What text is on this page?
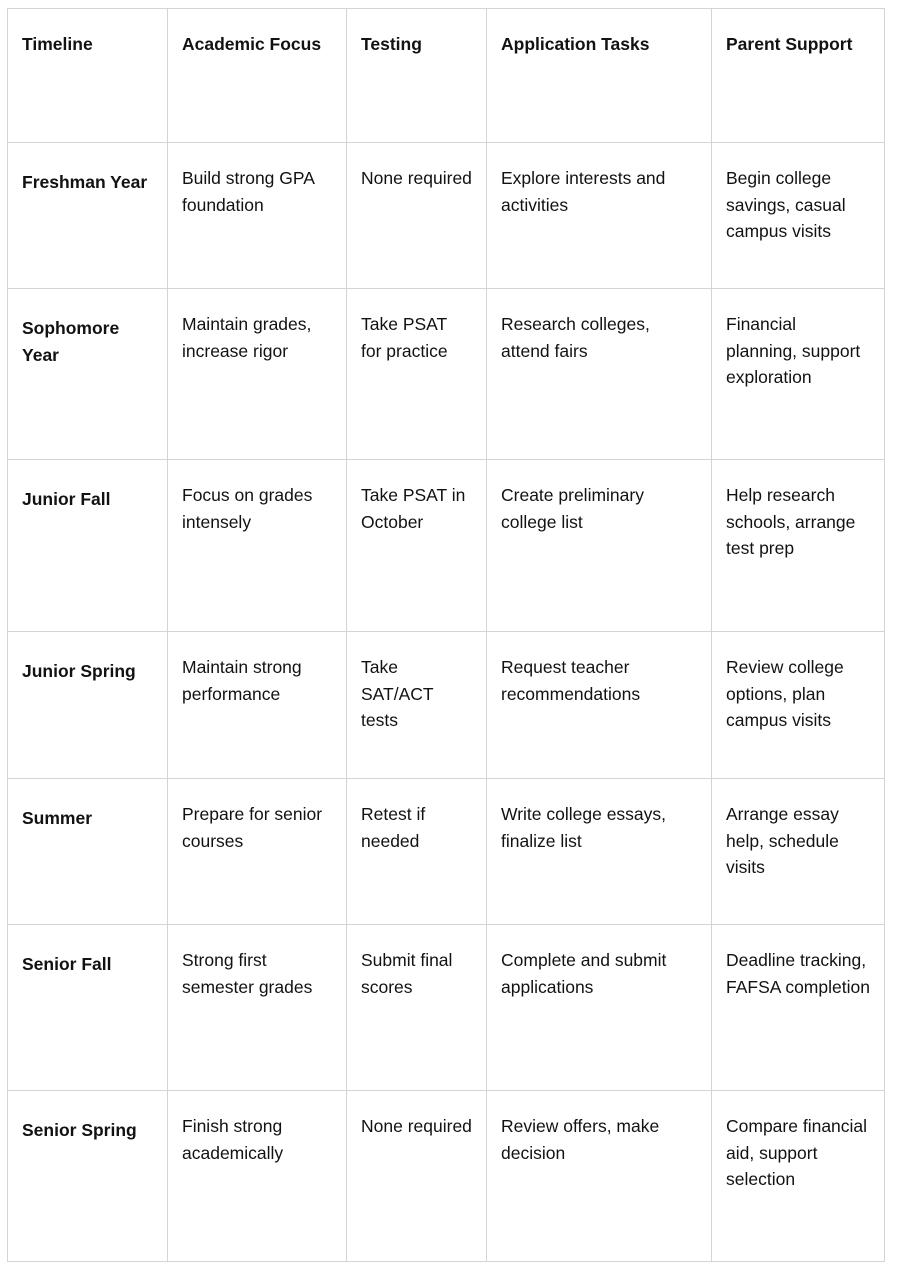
Timeline	Academic Focus	Testing	Application Tasks	Parent Support
Freshman Year	Build strong GPA foundation	None required	Explore interests and activities	Begin college savings, casual campus visits
Sophomore Year	Maintain grades, increase rigor	Take PSAT for practice	Research colleges, attend fairs	Financial planning, support exploration
Junior Fall	Focus on grades intensely	Take PSAT in October	Create preliminary college list	Help research schools, arrange test prep
Junior Spring	Maintain strong performance	Take SAT/ACT tests	Request teacher recommendations	Review college options, plan campus visits
Summer	Prepare for senior courses	Retest if needed	Write college essays, finalize list	Arrange essay help, schedule visits
Senior Fall	Strong first semester grades	Submit final scores	Complete and submit applications	Deadline tracking, FAFSA completion
Senior Spring	Finish strong academically	None required	Review offers, make decision	Compare financial aid, support selection
